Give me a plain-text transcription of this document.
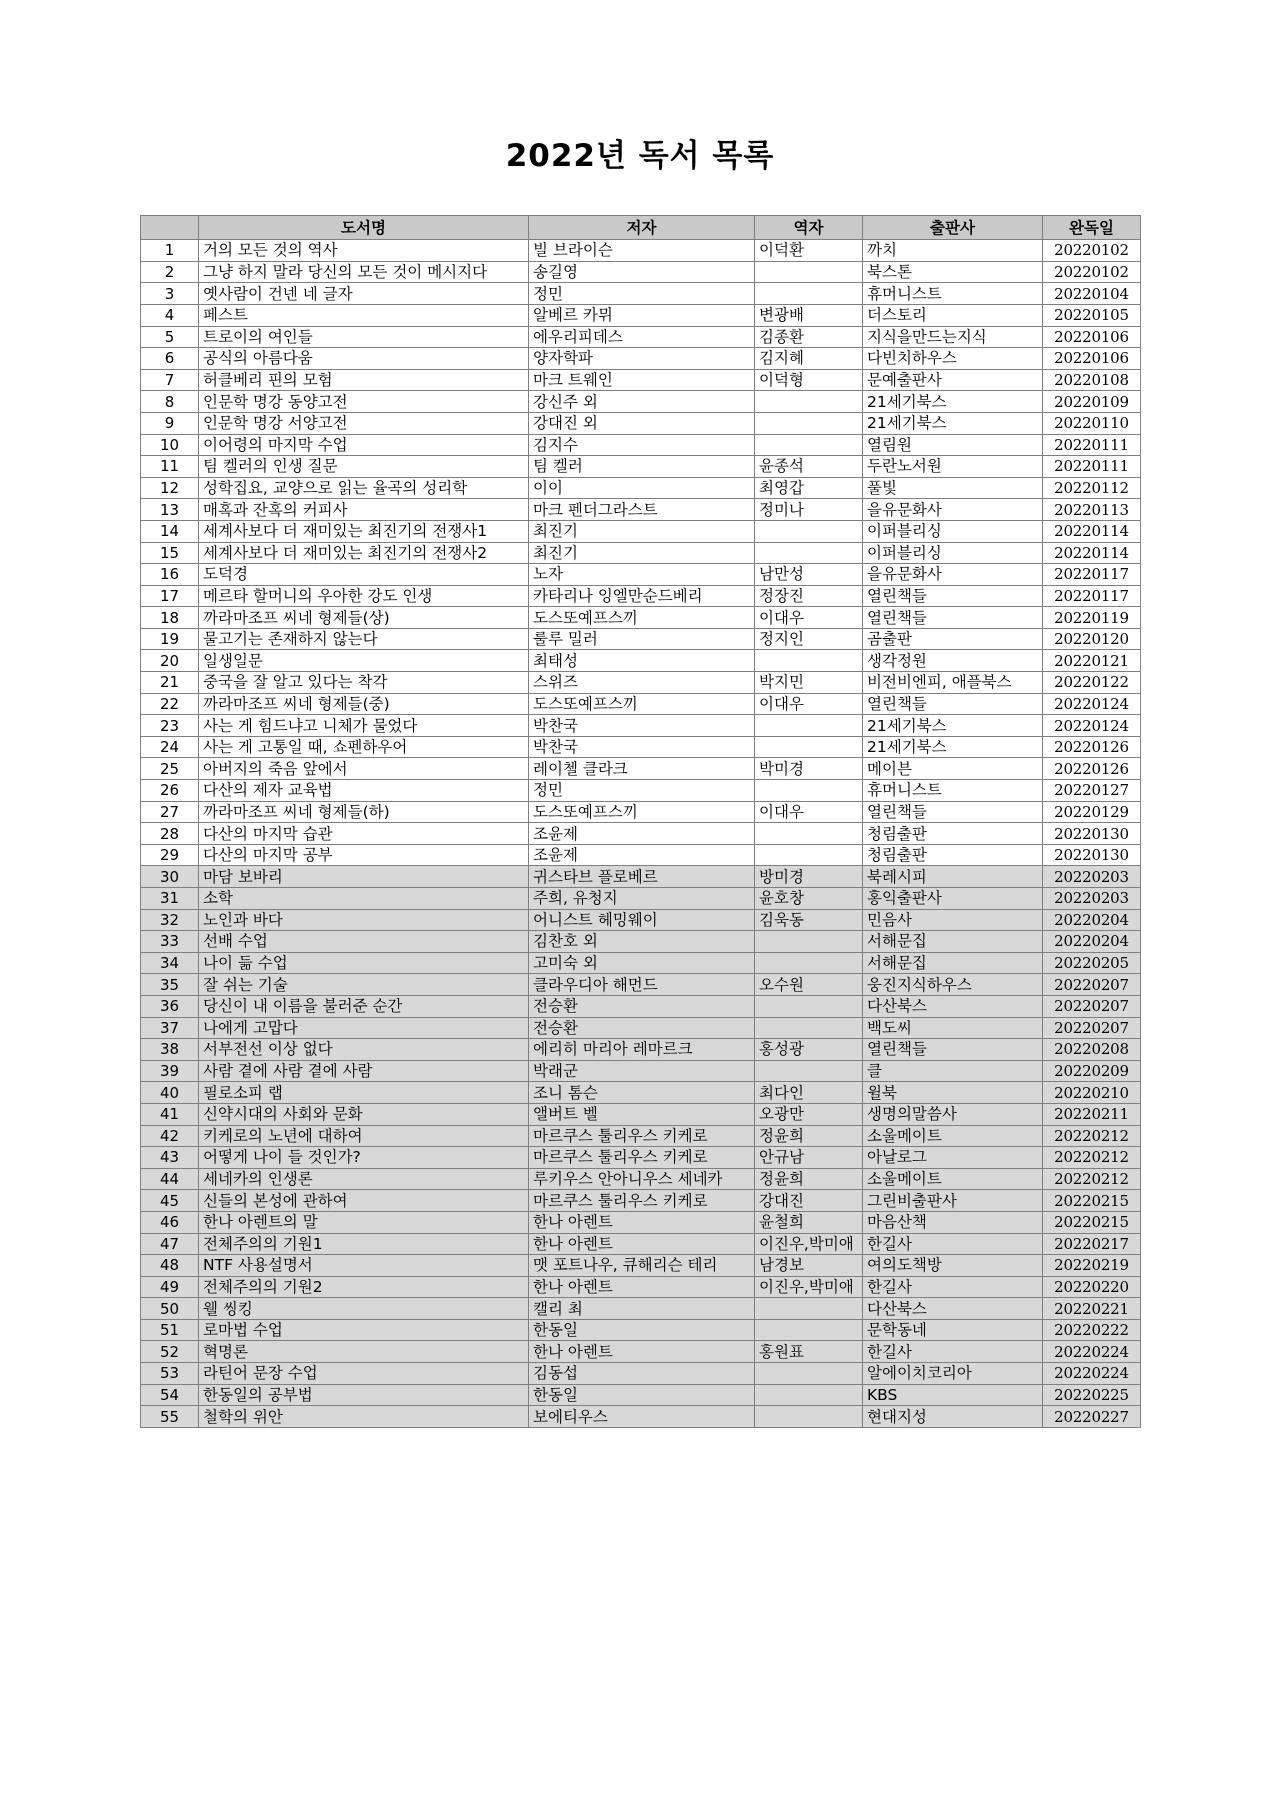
2022년 독서 목록
	도서명	저자	역자	출판사	완독일
1	거의 모든 것의 역사	빌 브라이슨	이덕환	까치	20220102
2	그냥 하지 말라 당신의 모든 것이 메시지다	송길영		북스톤	20220102
3	옛사람이 건넨 네 글자	정민		휴머니스트	20220104
4	페스트	알베르 카뮈	변광배	더스토리	20220105
5	트로이의 여인들	에우리피데스	김종환	지식을만드는지식	20220106
6	공식의 아름다움	양자학파	김지혜	다빈치하우스	20220106
7	허클베리 핀의 모험	마크 트웨인	이덕형	문예출판사	20220108
8	인문학 명강 동양고전	강신주 외		21세기북스	20220109
9	인문학 명강 서양고전	강대진 외		21세기북스	20220110
10	이어령의 마지막 수업	김지수		열림원	20220111
11	팀 켈러의 인생 질문	팀 켈러	윤종석	두란노서원	20220111
12	성학집요, 교양으로 읽는 율곡의 성리학	이이	최영갑	풀빛	20220112
13	매혹과 잔혹의 커피사	마크 펜더그라스트	정미나	을유문화사	20220113
14	세계사보다 더 재미있는 최진기의 전쟁사1	최진기		이퍼블리싱	20220114
15	세계사보다 더 재미있는 최진기의 전쟁사2	최진기		이퍼블리싱	20220114
16	도덕경	노자	남만성	을유문화사	20220117
17	메르타 할머니의 우아한 강도 인생	카타리나 잉엘만순드베리	정장진	열린책들	20220117
18	까라마조프 씨네 형제들(상)	도스또예프스끼	이대우	열린책들	20220119
19	물고기는 존재하지 않는다	룰루 밀러	정지인	곰출판	20220120
20	일생일문	최태성		생각정원	20220121
21	중국을 잘 알고 있다는 착각	스위즈	박지민	비전비엔피, 애플북스	20220122
22	까라마조프 씨네 형제들(중)	도스또예프스끼	이대우	열린책들	20220124
23	사는 게 힘드냐고 니체가 물었다	박찬국		21세기북스	20220124
24	사는 게 고통일 때, 쇼펜하우어	박찬국		21세기북스	20220126
25	아버지의 죽음 앞에서	레이첼 클라크	박미경	메이븐	20220126
26	다산의 제자 교육법	정민		휴머니스트	20220127
27	까라마조프 씨네 형제들(하)	도스또예프스끼	이대우	열린책들	20220129
28	다산의 마지막 습관	조윤제		청림출판	20220130
29	다산의 마지막 공부	조윤제		청림출판	20220130
30	마담 보바리	귀스타브 플로베르	방미경	북레시피	20220203
31	소학	주희, 유청지	윤호창	홍익출판사	20220203
32	노인과 바다	어니스트 헤밍웨이	김욱동	민음사	20220204
33	선배 수업	김찬호 외		서해문집	20220204
34	나이 듦 수업	고미숙 외		서해문집	20220205
35	잘 쉬는 기술	클라우디아 해먼드	오수원	웅진지식하우스	20220207
36	당신이 내 이름을 불러준 순간	전승환		다산북스	20220207
37	나에게 고맙다	전승환		백도씨	20220207
38	서부전선 이상 없다	에리히 마리아 레마르크	홍성광	열린책들	20220208
39	사람 곁에 사람 곁에 사람	박래군		클	20220209
40	필로소피 랩	조니 톰슨	최다인	윌북	20220210
41	신약시대의 사회와 문화	앨버트 벨	오광만	생명의말씀사	20220211
42	키케로의 노년에 대하여	마르쿠스 툴리우스 키케로	정윤희	소울메이트	20220212
43	어떻게 나이 들 것인가?	마르쿠스 툴리우스 키케로	안규남	아날로그	20220212
44	세네카의 인생론	루키우스 안아니우스 세네카	정윤희	소울메이트	20220212
45	신들의 본성에 관하여	마르쿠스 툴리우스 키케로	강대진	그린비출판사	20220215
46	한나 아렌트의 말	한나 아렌트	윤철희	마음산책	20220215
47	전체주의의 기원1	한나 아렌트	이진우,박미애	한길사	20220217
48	NTF 사용설명서	맷 포트나우, 큐해리슨 테리	남경보	여의도책방	20220219
49	전체주의의 기원2	한나 아렌트	이진우,박미애	한길사	20220220
50	웰 씽킹	캘리 최		다산북스	20220221
51	로마법 수업	한동일		문학동네	20220222
52	혁명론	한나 아렌트	홍원표	한길사	20220224
53	라틴어 문장 수업	김동섭		알에이치코리아	20220224
54	한동일의 공부법	한동일		KBS	20220225
55	철학의 위안	보에티우스		현대지성	20220227
